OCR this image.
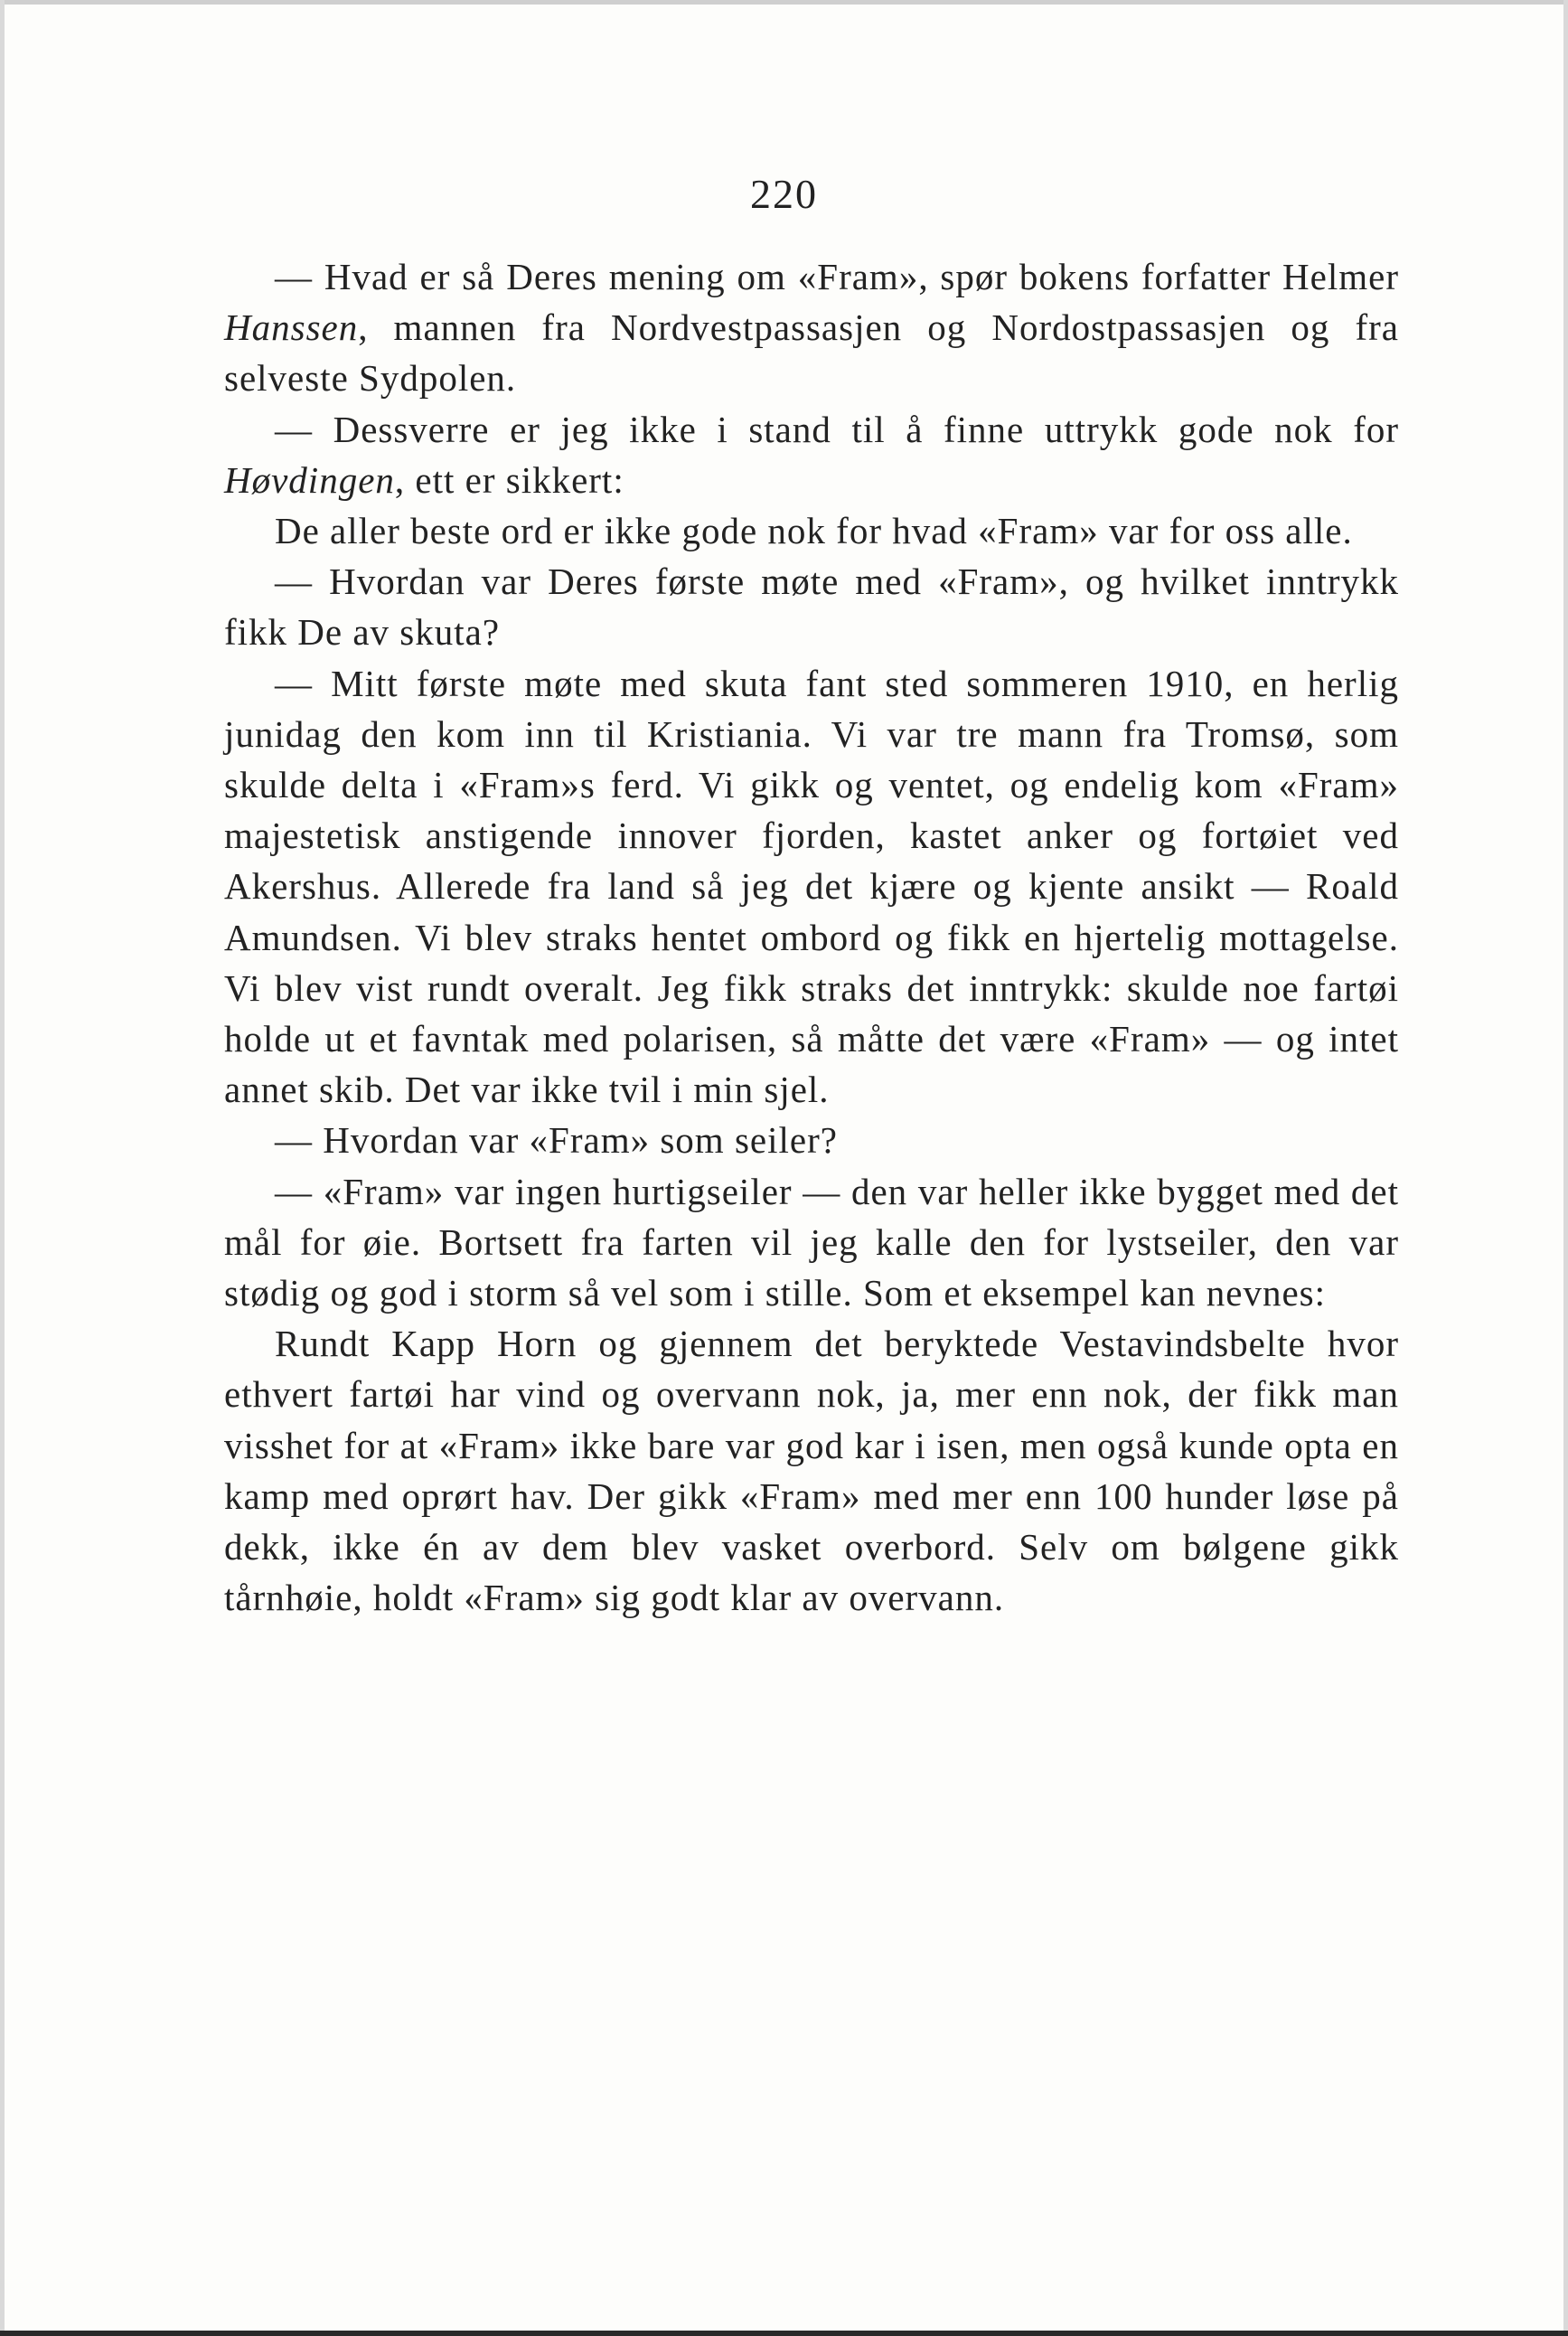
220

— Hvad er så Deres mening om «Fram», spør bokens forfatter Helmer Hanssen, mannen fra Nordvestpassasjen og Nordostpassasjen og fra selveste Sydpolen.

— Dessverre er jeg ikke i stand til å finne uttrykk gode nok for Høvdingen, ett er sikkert:

De aller beste ord er ikke gode nok for hvad «Fram» var for oss alle.

— Hvordan var Deres første møte med «Fram», og hvilket inntrykk fikk De av skuta?

— Mitt første møte med skuta fant sted sommeren 1910, en herlig junidag den kom inn til Kristiania. Vi var tre mann fra Tromsø, som skulde delta i «Fram»s ferd. Vi gikk og ventet, og endelig kom «Fram» majestetisk anstigende innover fjorden, kastet anker og fortøiet ved Akershus. Allerede fra land så jeg det kjære og kjente ansikt — Roald Amundsen. Vi blev straks hentet ombord og fikk en hjertelig mottagelse. Vi blev vist rundt overalt. Jeg fikk straks det inntrykk: skulde noe fartøi holde ut et favntak med polarisen, så måtte det være «Fram» — og intet annet skib. Det var ikke tvil i min sjel.

— Hvordan var «Fram» som seiler?

— «Fram» var ingen hurtigseiler — den var heller ikke bygget med det mål for øie. Bortsett fra farten vil jeg kalle den for lystseiler, den var stødig og god i storm så vel som i stille. Som et eksempel kan nevnes:

Rundt Kapp Horn og gjennem det beryktede Vestavindsbelte hvor ethvert fartøi har vind og overvann nok, ja, mer enn nok, der fikk man visshet for at «Fram» ikke bare var god kar i isen, men også kunde opta en kamp med oprørt hav. Der gikk «Fram» med mer enn 100 hunder løse på dekk, ikke én av dem blev vasket overbord. Selv om bølgene gikk tårnhøie, holdt «Fram» sig godt klar av overvann.
